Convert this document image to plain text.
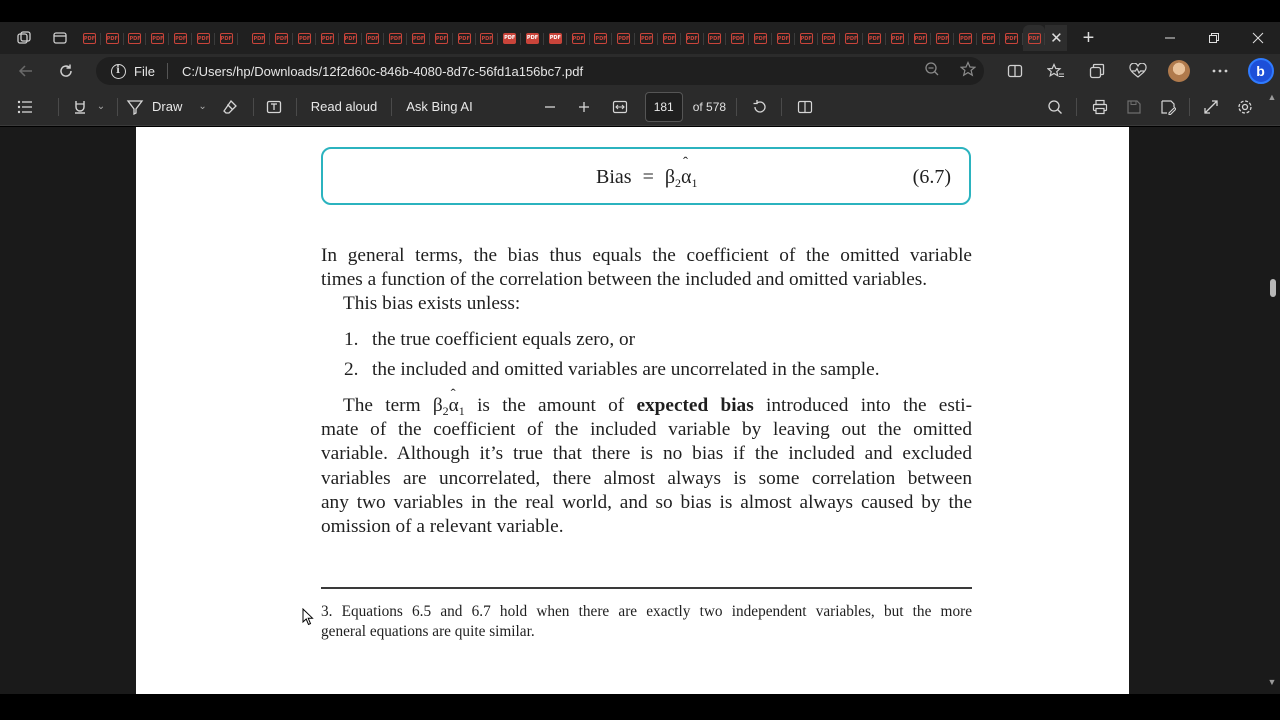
PDF PDF PDF PDF PDF PDF PDF	PDF PDF PDF PDF PDF PDF PDF PDF PDF PDF PDF PDF PDF PDF PDF PDF PDF PDF PDF PDF PDF PDF PDF PDF PDF PDF PDF PDF PDF PDF PDF PDF PDF PDF PDF ✕ +
i	File C:/Users/hp/Downloads/12f2d60c-846b-4080-8d7c-56fd1a156bc7.pdf	b
⌄	Draw ⌄	Read aloud Ask Bing AI	181	of 578
Bias = $\beta_2ˆ$ $\alpha_1$	(6.7)
In general terms, the bias thus equals the coefficient of the omitted variable
times a function of the correlation between the included and omitted variables.
This bias exists unless:
1. the true coefficient equals zero, or
2. the included and omitted variables are uncorrelated in the sample.
The term $\beta_2ˆ$ $\alpha_1$ is the amount of expected bias introduced into the esti-
mate of the coefficient of the included variable by leaving out the omitted
variable. Although it’s true that there is no bias if the included and excluded
variables are uncorrelated, there almost always is some correlation between
any two variables in the real world, and so bias is almost always caused by the
omission of a relevant variable.
3. Equations 6.5 and 6.7 hold when there are exactly two independent variables, but the more
general equations are quite similar.
▼
▲
